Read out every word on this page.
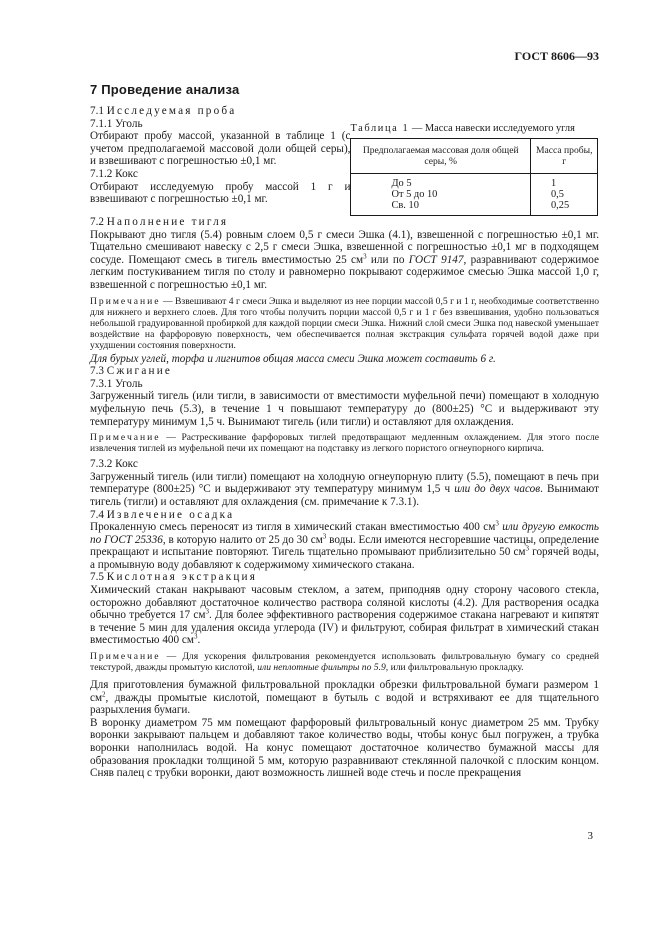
ГОСТ 8606—93
7 Проведение анализа

7.1 Исследуемая проба

7.1.1 Уголь

Отбирают пробу массой, указанной в таблице 1 (с учетом предполагаемой массовой доли общей серы), и взвешивают с погрешностью ±0,1 мг.

7.1.2 Кокс

Отбирают исследуемую пробу массой 1 г и взвешивают с погрешностью ±0,1 мг.

Таблица 1 — Масса навески исследуемого угля
Предполагаемая массовая доля общей серы, %	Масса пробы, г
До 5	1
От 5 до 10	0,5
Св. 10	0,25

7.2 Наполнение тигля

Покрывают дно тигля (5.4) ровным слоем 0,5 г смеси Эшка (4.1), взвешенной с погрешностью ±0,1 мг. Тщательно смешивают навеску с 2,5 г смеси Эшка, взвешенной с погрешностью ±0,1 мг в подходящем сосуде. Помещают смесь в тигель вместимостью 25 $см^3$ или по ГОСТ 9147, разравнивают содержимое легким постукиванием тигля по столу и равномерно покрывают содержимое смесью Эшка массой 1,0 г, взвешенной с погрешностью ±0,1 мг.

Примечание — Взвешивают 4 г смеси Эшка и выделяют из нее порции массой 0,5 г и 1 г, необходимые соответственно для нижнего и верхнего слоев. Для того чтобы получить порции массой 0,5 г и 1 г без взвешивания, удобно пользоваться небольшой градуированной пробиркой для каждой порции смеси Эшка. Нижний слой смеси Эшка под навеской уменьшает воздействие на фарфоровую поверхность, чем обеспечивается полная экстракция сульфата горячей водой даже при ухудшении состояния поверхности.

Для бурых углей, торфа и лигнитов общая масса смеси Эшка может составить 6 г.

7.3 Сжигание

7.3.1 Уголь

Загруженный тигель (или тигли, в зависимости от вместимости муфельной печи) помещают в холодную муфельную печь (5.3), в течение 1 ч повышают температуру до (800±25) °С и выдерживают эту температуру минимум 1,5 ч. Вынимают тигель (или тигли) и оставляют для охлаждения.

Примечание — Растрескивание фарфоровых тиглей предотвращают медленным охлаждением. Для этого после извлечения тиглей из муфельной печи их помещают на подставку из легкого пористого огнеупорного кирпича.

7.3.2 Кокс

Загруженный тигель (или тигли) помещают на холодную огнеупорную плиту (5.5), помещают в печь при температуре (800±25) °С и выдерживают эту температуру минимум 1,5 ч или до двух часов. Вынимают тигель (тигли) и оставляют для охлаждения (см. примечание к 7.3.1).

7.4 Извлечение осадка

Прокаленную смесь переносят из тигля в химический стакан вместимостью 400 $см^3$ или другую емкость по ГОСТ 25336, в которую налито от 25 до 30 $см^3$ воды. Если имеются несгоревшие частицы, определение прекращают и испытание повторяют. Тигель тщательно промывают приблизительно 50 $см^3$ горячей воды, а промывную воду добавляют к содержимому химического стакана.

7.5 Кислотная экстракция

Химический стакан накрывают часовым стеклом, а затем, приподняв одну сторону часового стекла, осторожно добавляют достаточное количество раствора соляной кислоты (4.2). Для растворения осадка обычно требуется 17 $см^3$. Для более эффективного растворения содержимое стакана нагревают и кипятят в течение 5 мин для удаления оксида углерода (IV) и фильтруют, собирая фильтрат в химический стакан вместимостью 400 $см^3$.

Примечание — Для ускорения фильтрования рекомендуется использовать фильтровальную бумагу со средней текстурой, дважды промытую кислотой, или неплотные фильтры по 5.9, или фильтровальную прокладку.

Для приготовления бумажной фильтровальной прокладки обрезки фильтровальной бумаги размером 1 $см^2$, дважды промытые кислотой, помещают в бутыль с водой и встряхивают ее для тщательного разрыхления бумаги.

В воронку диаметром 75 мм помещают фарфоровый фильтровальный конус диаметром 25 мм. Трубку воронки закрывают пальцем и добавляют такое количество воды, чтобы конус был погружен, а трубка воронки наполнилась водой. На конус помещают достаточное количество бумажной массы для образования прокладки толщиной 5 мм, которую разравнивают стеклянной палочкой с плоским концом. Сняв палец с трубки воронки, дают возможность лишней воде стечь и после прекращения

3
